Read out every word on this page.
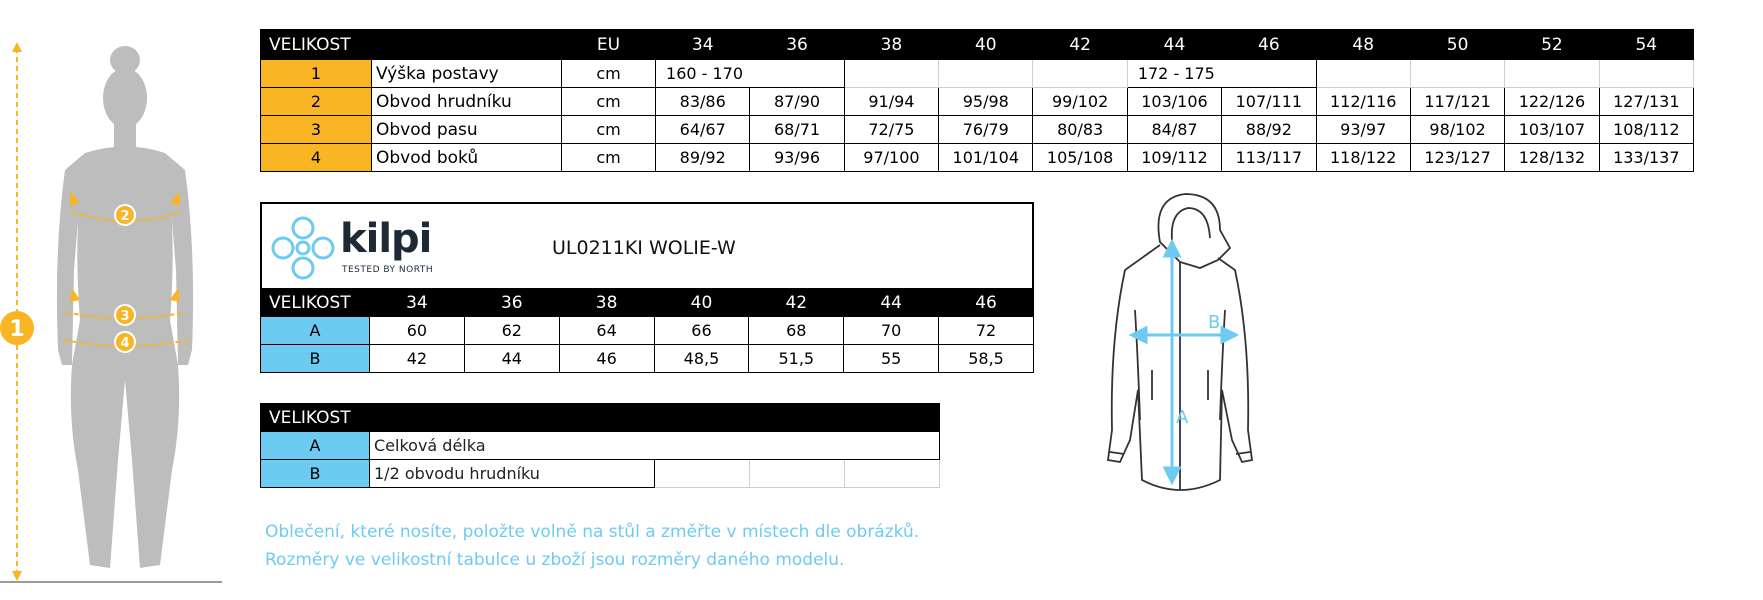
2
3
4
1
VELIKOST		EU	34	36	38	40	42	44	46	48	50	52	54
1	Výška postavy	cm	160 - 170					172 - 175					
2	Obvod hrudníku	cm	83/86	87/90	91/94	95/98	99/102	103/106	107/111	112/116	117/121	122/126	127/131
3	Obvod pasu	cm	64/67	68/71	72/75	76/79	80/83	84/87	88/92	93/97	98/102	103/107	108/112
4	Obvod boků	cm	89/92	93/96	97/100	101/104	105/108	109/112	113/117	118/122	123/127	128/132	133/137
kilpi
TESTED BY NORTH
UL0211KI WOLIE-W
VELIKOST	34	36	38	40	42	44	46
A	60	62	64	66	68	70	72
B	42	44	46	48,5	51,5	55	58,5
VELIKOST				
A	Celková délka			
B	1/2 obvodu hrudníku			
Oblečení, které nosíte, položte volně na stůl a změřte v místech dle obrázků.
Rozměry ve velikostní tabulce u zboží jsou rozměry daného modelu.
A
B
